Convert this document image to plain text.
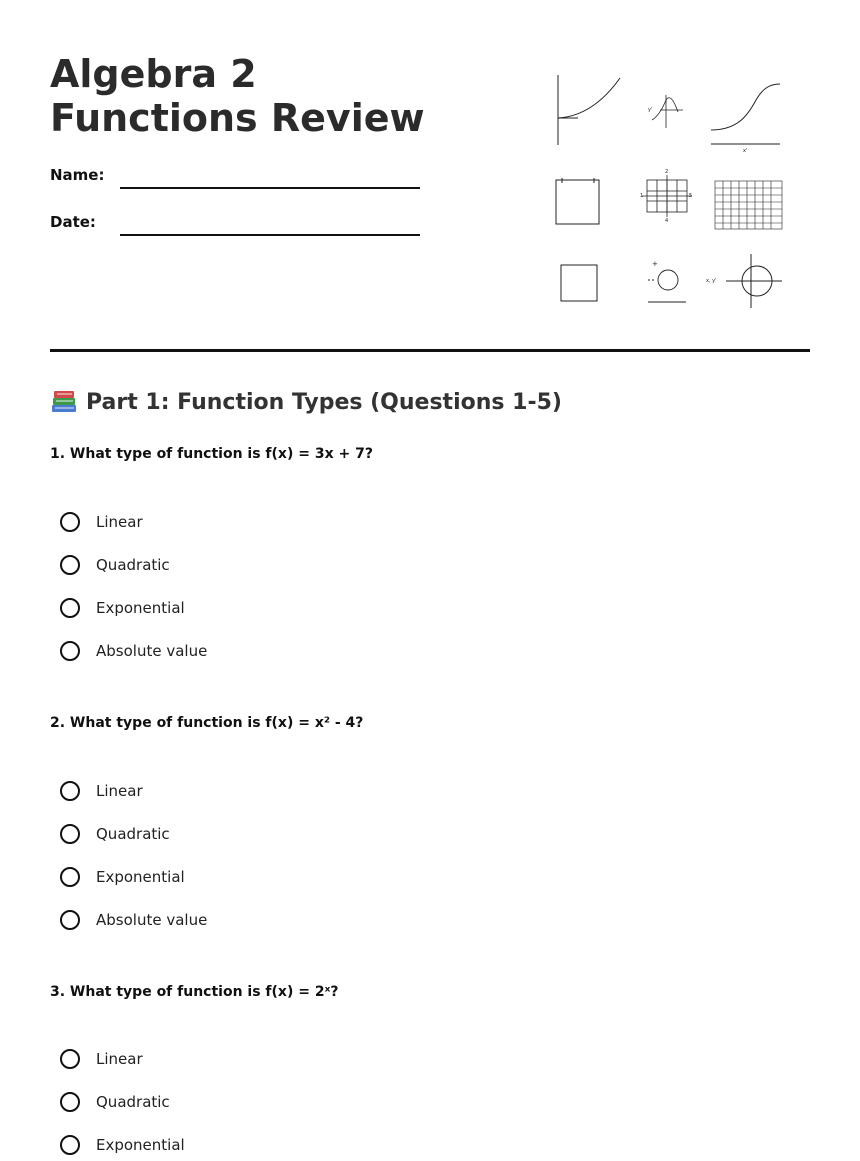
Algebra 2 Functions Review
Name:
Date:
y'
x'
2
1	5
4
+
x, y'
Part 1: Function Types (Questions 1-5)
1. What type of function is f(x) = 3x + 7?
Linear
Quadratic
Exponential
Absolute value
2. What type of function is f(x) = x² - 4?
Linear
Quadratic
Exponential
Absolute value
3. What type of function is f(x) = 2ˣ?
Linear
Quadratic
Exponential
